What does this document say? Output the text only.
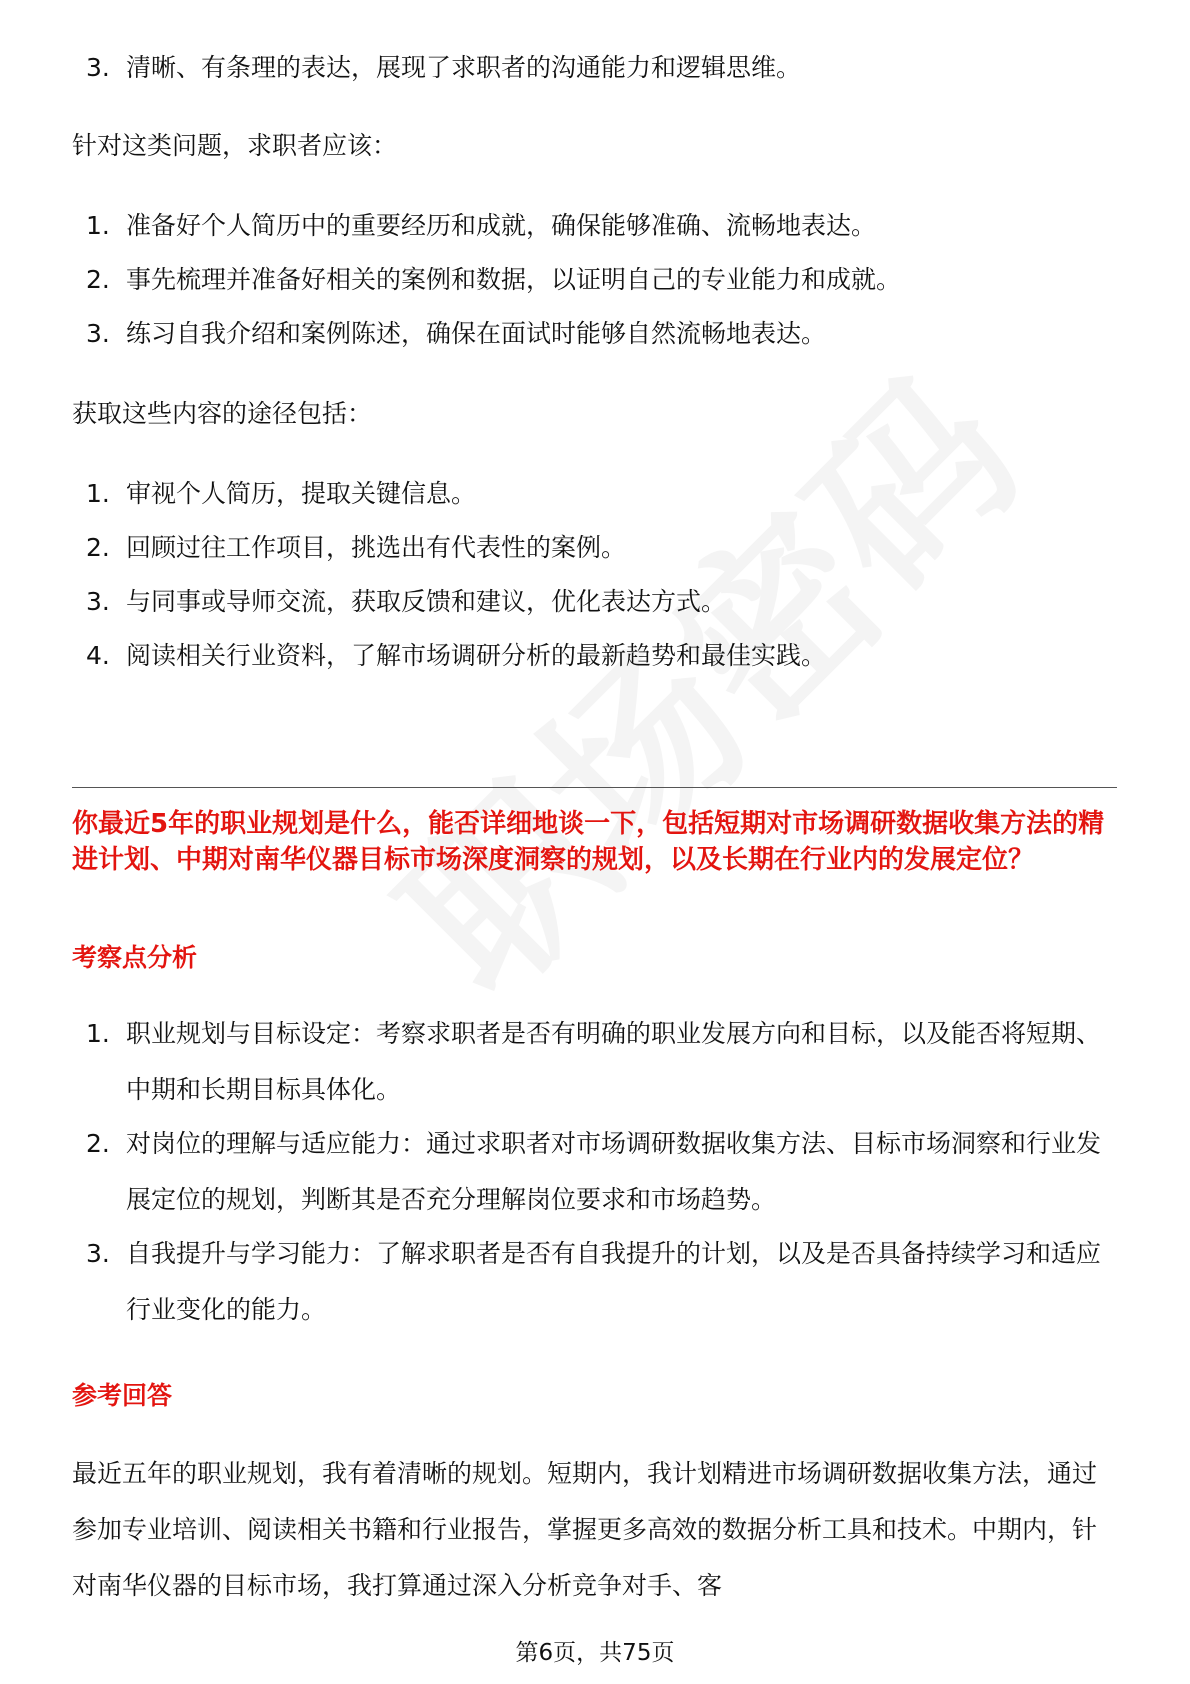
3. 清晰、有条理的表达，展现了求职者的沟通能力和逻辑思维。
针对这类问题，求职者应该：
1. 准备好个人简历中的重要经历和成就，确保能够准确、流畅地表达。
2. 事先梳理并准备好相关的案例和数据，以证明自己的专业能力和成就。
3. 练习自我介绍和案例陈述，确保在面试时能够自然流畅地表达。
获取这些内容的途径包括：
1. 审视个人简历，提取关键信息。
2. 回顾过往工作项目，挑选出有代表性的案例。
3. 与同事或导师交流，获取反馈和建议，优化表达方式。
4. 阅读相关行业资料，了解市场调研分析的最新趋势和最佳实践。
你最近5年的职业规划是什么，能否详细地谈一下，包括短期对市场调研数据收集方法的精进计划、中期对南华仪器目标市场深度洞察的规划，以及长期在行业内的发展定位？
考察点分析
1. 职业规划与目标设定：考察求职者是否有明确的职业发展方向和目标，以及能否将短期、中期和长期目标具体化。
2. 对岗位的理解与适应能力：通过求职者对市场调研数据收集方法、目标市场洞察和行业发展定位的规划，判断其是否充分理解岗位要求和市场趋势。
3. 自我提升与学习能力：了解求职者是否有自我提升的计划，以及是否具备持续学习和适应行业变化的能力。
参考回答
最近五年的职业规划，我有着清晰的规划。短期内，我计划精进市场调研数据收集方法，通过参加专业培训、阅读相关书籍和行业报告，掌握更多高效的数据分析工具和技术。中期内，针对南华仪器的目标市场，我打算通过深入分析竞争对手、客
第6页，共75页
